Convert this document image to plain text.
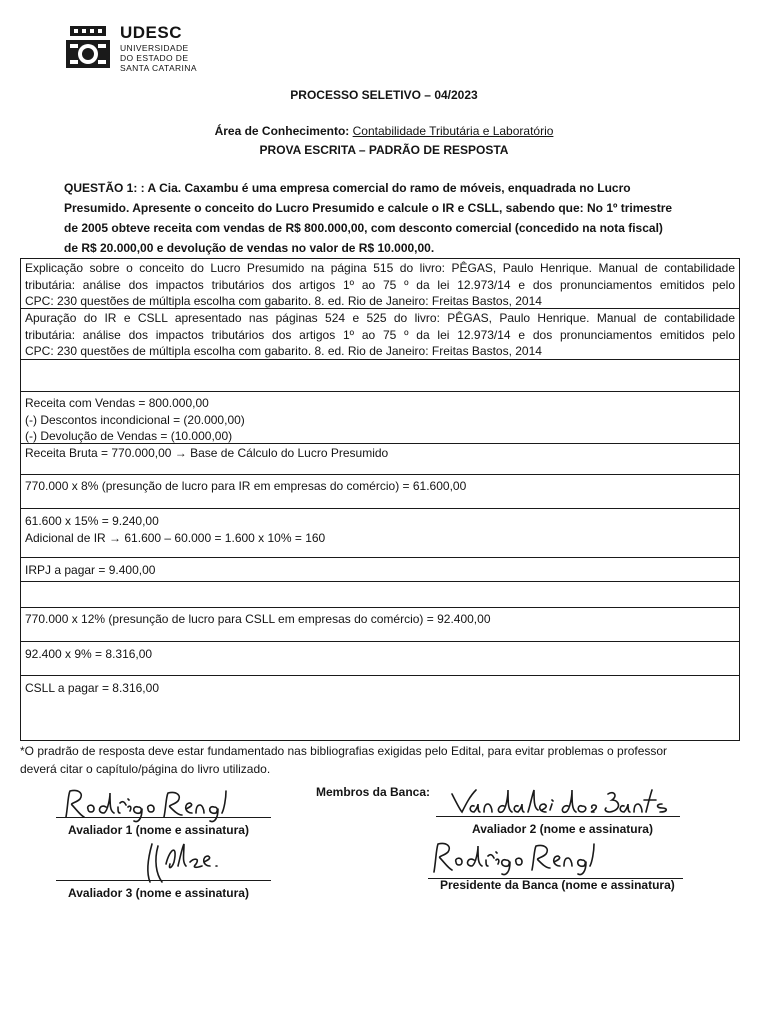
UDESC
UNIVERSIDADE
DO ESTADO DE
SANTA CATARINA
PROCESSO SELETIVO – 04/2023
Área de Conhecimento: Contabilidade Tributária e Laboratório
PROVA ESCRITA – PADRÃO DE RESPOSTA
QUESTÃO 1: : A Cia. Caxambu é uma empresa comercial do ramo de móveis, enquadrada no Lucro
Presumido. Apresente o conceito do Lucro Presumido e calcule o IR e CSLL, sabendo que: No 1º trimestre
de 2005 obteve receita com vendas de R$ 800.000,00, com desconto comercial (concedido na nota fiscal)
de R$ 20.000,00 e devolução de vendas no valor de R$ 10.000,00.
Explicação sobre o conceito do Lucro Presumido na página 515 do livro: PÊGAS, Paulo Henrique. Manual de contabilidade
tributária: análise dos impactos tributários dos artigos 1º ao 75 º da lei 12.973/14 e dos pronunciamentos emitidos pelo
CPC: 230 questões de múltipla escolha com gabarito. 8. ed. Rio de Janeiro: Freitas Bastos, 2014
Apuração do IR e CSLL apresentado nas páginas 524 e 525 do livro: PÊGAS, Paulo Henrique. Manual de contabilidade
tributária: análise dos impactos tributários dos artigos 1º ao 75 º da lei 12.973/14 e dos pronunciamentos emitidos pelo
CPC: 230 questões de múltipla escolha com gabarito. 8. ed. Rio de Janeiro: Freitas Bastos, 2014
Receita com Vendas = 800.000,00
(-) Descontos incondicional = (20.000,00)
(-) Devolução de Vendas = (10.000,00)
Receita Bruta = 770.000,00 → Base de Cálculo do Lucro Presumido
770.000 x 8% (presunção de lucro para IR em empresas do comércio) = 61.600,00
61.600 x 15% = 9.240,00
Adicional de IR → 61.600 – 60.000 = 1.600 x 10% = 160
IRPJ a pagar = 9.400,00
770.000 x 12% (presunção de lucro para CSLL em empresas do comércio) = 92.400,00
92.400 x 9% = 8.316,00
CSLL a pagar = 8.316,00
*O pradrão de resposta deve estar fundamentado nas bibliografias exigidas pelo Edital, para evitar problemas o professor
deverá citar o capítulo/página do livro utilizado.
Membros da Banca:
Avaliador 1 (nome e assinatura)	Avaliador 2 (nome e assinatura)
Avaliador 3 (nome e assinatura)
Presidente da Banca (nome e assinatura)
